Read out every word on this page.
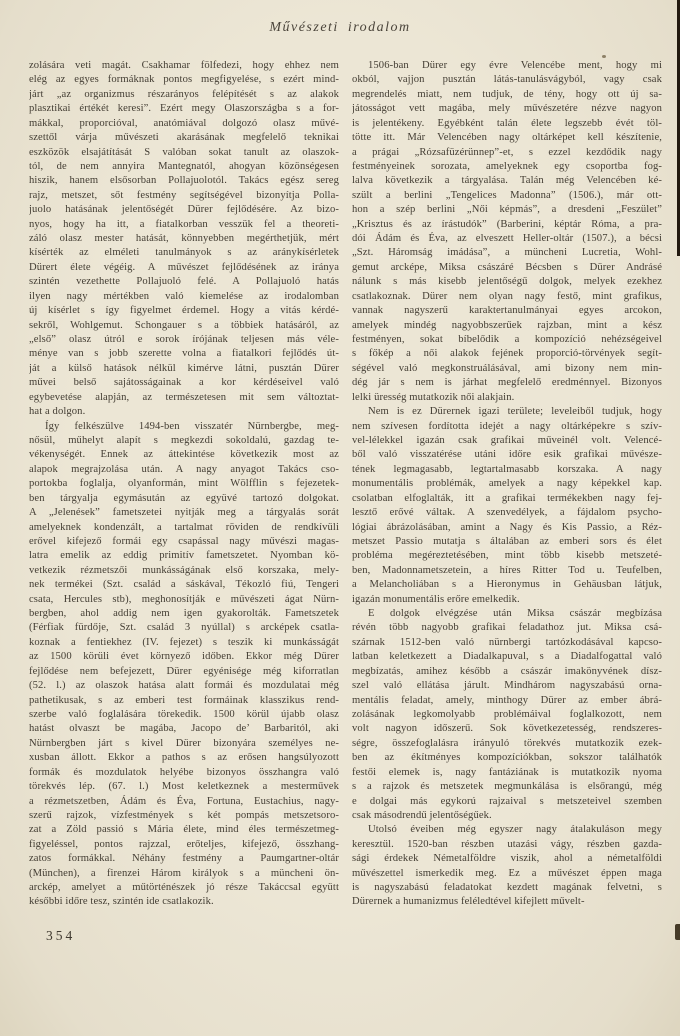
Művészeti irodalom
zolására veti magát. Csakhamar fölfedezi, hogy ehhez nem
elég az egyes formáknak pontos megfigyelése, s ezért mind-
járt „az organizmus részarányos felépítését s az alakok
plasztikai értékét keresi”. Ezért megy Olaszországba s a for-
mákkal, proporcióval, anatómiával dolgozó olasz művé-
szettől várja művészeti akarásának megfelelő teknikai
eszközök elsajátítását S valóban sokat tanult az olaszok-
tól, de nem annyira Mantegnatól, ahogyan közönségesen
hiszik, hanem elsősorban Pollajuolotól. Takács egész sereg
rajz, metszet, sőt festmény segítségével bizonyítja Polla-
juolo hatásának jelentőségét Dürer fejlődésére. Az bizo-
nyos, hogy ha itt, a fiatalkorban vesszük fel a theoreti-
záló olasz mester hatását, könnyebben megérthetjük, mért
kísérték az elméleti tanulmányok s az aránykísérletek
Dürert élete végéig. A művészet fejlődésének az iránya
szintén vezethette Pollajuoló felé. A Pollajuoló hatás
ilyen nagy mértékben való kiemelése az irodalomban
új kísérlet s így figyelmet érdemel. Hogy a vitás kérdé-
sekről, Wohlgemut. Schongauer s a többiek hatásáról, az
„első” olasz útról e sorok írójának teljesen más véle-
ménye van s jobb szerette volna a fiatalkori fejlődés út-
ját a külső hatások nélkül kimérve látni, pusztán Dürer
művei belső sajátosságainak a kor kérdéseivel való
egybevetése alapján, az természetesen mit sem változtat-
hat a dolgon.
Így felkészülve 1494-ben visszatér Nürnbergbe, meg-
nősül, műhelyt alapít s megkezdi sokoldalú, gazdag te-
vékenységét. Ennek az áttekintése következik most az
alapok megrajzolása után. A nagy anyagot Takács cso-
portokba foglalja, olyanformán, mint Wölfflin s fejezetek-
ben tárgyalja egymásután az együvé tartozó dolgokat.
A „Jelenések” fametszetei nyitják meg a tárgyalás sorát
amelyeknek kondenzált, a tartalmat röviden de rendkívüli
erővel kifejező formái egy csapással nagy művészi magas-
latra emelik az eddig primitív fametszetet. Nyomban kö-
vetkezik rézmetszői munkásságának első korszaka, mely-
nek termékei (Szt. család a sáskával, Tékozló fiú, Tengeri
csata, Hercules stb), meghonosítják e művészeti ágat Nürn-
bergben, ahol addig nem igen gyakorolták. Fametszetek
(Férfiak fürdője, Szt. család 3 nyúllal) s arcképek csatla-
koznak a fentiekhez (IV. fejezet) s teszik ki munkásságát
az 1500 körüli évet környező időben. Ekkor még Dürer
fejlődése nem befejezett, Dürer egyénisége még kiforratlan
(52. l.) az olaszok hatása alatt formái és mozdulatai még
pathetikusak, s az emberi test formáinak klasszikus rend-
szerbe való foglalására törekedik. 1500 körül újabb olasz
hatást olvaszt be magába, Jacopo de’ Barbaritól, aki
Nürnbergben járt s kivel Dürer bizonyára személyes ne-
xusban állott. Ekkor a pathos s az erősen hangsúlyozott
formák és mozdulatok helyébe bizonyos összhangra való
törekvés lép. (67. l.) Most keletkeznek a mesterművek
a rézmetszetben, Ádám és Éva, Fortuna, Eustachius, nagy-
szerű rajzok, vízfestmények s két pompás metszetsoro-
zat a Zöld passió s Mária élete, mind éles természetmeg-
figyeléssel, pontos rajzzal, erőteljes, kifejező, összhang-
zatos formákkal. Néhány festmény a Paumgartner-oltár
(München), a firenzei Három királyok s a müncheni ön-
arckép, amelyet a műtörténészek jó része Takáccsal együtt
későbbi időre tesz, szintén ide csatlakozik.
1506-ban Dürer egy évre Velencébe ment, hogy mi
okból, vajjon pusztán látás-tanulásvágyból, vagy csak
megrendelés miatt, nem tudjuk, de tény, hogy ott új sa-
játosságot vett magába, mely művészetére nézve nagyon
is jelentékeny. Egyébként talán élete legszebb évét töl-
tötte itt. Már Velencében nagy oltárképet kell készítenie,
a prágai „Rózsafüzérünnep”-et, s ezzel kezdődik nagy
festményeinek sorozata, amelyeknek egy csoportba fog-
lalva következik a tárgyalása. Talán még Velencében ké-
szült a berlini „Tengelices Madonna” (1506.), már ott-
hon a szép berlini „Női képmás”, a dresdeni „Feszület”
„Krisztus és az írástudók” (Barberini, képtár Róma, a pra-
dói Ádám és Éva, az elveszett Heller-oltár (1507.), a bécsi
„Szt. Háromság imádása”, a müncheni Lucretia, Wohl-
gemut arcképe, Miksa császáré Bécsben s Dürer Andrásé
nálunk s más kisebb jelentőségű dolgok, melyek ezekhez
csatlakoznak. Dürer nem olyan nagy festő, mint grafikus,
vannak nagyszerű karaktertanulmányai egyes arcokon,
amelyek mindég nagyobbszerűek rajzban, mint a kész
festményen, sokat bíbelődik a kompozíció nehézségeivel
s főkép a női alakok fejének proporció-törvények segít-
ségével való megkonstruálásával, ami bizony nem min-
dég jár s nem is járhat megfelelő eredménnyel. Bizonyos
lelki üresség mutatkozik női alakjain.
Nem is ez Dürernek igazi területe; leveleiből tudjuk, hogy
nem szívesen fordította idejét a nagy oltárképekre s szív-
vel-lélekkel igazán csak grafikai műveinél volt. Velencé-
ből való visszatérése utáni időre esik grafikai művésze-
tének legmagasabb, legtartalmasabb korszaka. A nagy
monumentális problémák, amelyek a nagy képekkel kap.
csolatban elfoglalták, itt a grafikai termékekben nagy fej-
lesztő erővé váltak. A szenvedélyek, a fájdalom psycho-
lógiai ábrázolásában, amint a Nagy és Kis Passio, a Réz-
metszet Passio mutatja s általában az emberi sors és élet
probléma megéreztetésében, mint több kisebb metszeté-
ben, Madonnametszetein, a híres Ritter Tod u. Teufelben,
a Melancholiában s a Hieronymus in Gehäusban látjuk,
igazán monumentális erőre emelkedik.
E dolgok elvégzése után Miksa császár megbízása
révén több nagyobb grafikai feladathoz jut. Miksa csá-
szárnak 1512-ben való nürnbergi tartózkodásával kapcso-
latban keletkezett a Diadalkapuval, s a Diadalfogattal való
megbízatás, amihez később a császár imakönyvének dísz-
szel való ellátása járult. Mindhárom nagyszabású orna-
mentális feladat, amely, minthogy Dürer az ember ábrá-
zolásának legkomolyabb problémáival foglalkozott, nem
volt nagyon időszerű. Sok következetesség, rendszeres-
ségre, összefoglalásra irányuló törekvés mutatkozik ezek-
ben az ékítményes kompozíciókban, sokszor találhatók
festői elemek is, nagy fantáziának is mutatkozik nyoma
s a rajzok és metszetek megmunkálása is elsőrangú, még
e dolgai más egykorú rajzaival s metszeteivel szemben
csak másodrendű jelentőségűek.
Utolsó éveiben még egyszer nagy átalakuláson megy
keresztül. 1520-ban részben utazási vágy, részben gazda-
sági érdekek Németalföldre viszik, ahol a németalföldi
művészettel ismerkedik meg. Ez a művészet éppen maga
is nagyszabású feladatokat kezdett magának felvetni, s
Dürernek a humanizmus feléledtével kifejlett művelt-
354
